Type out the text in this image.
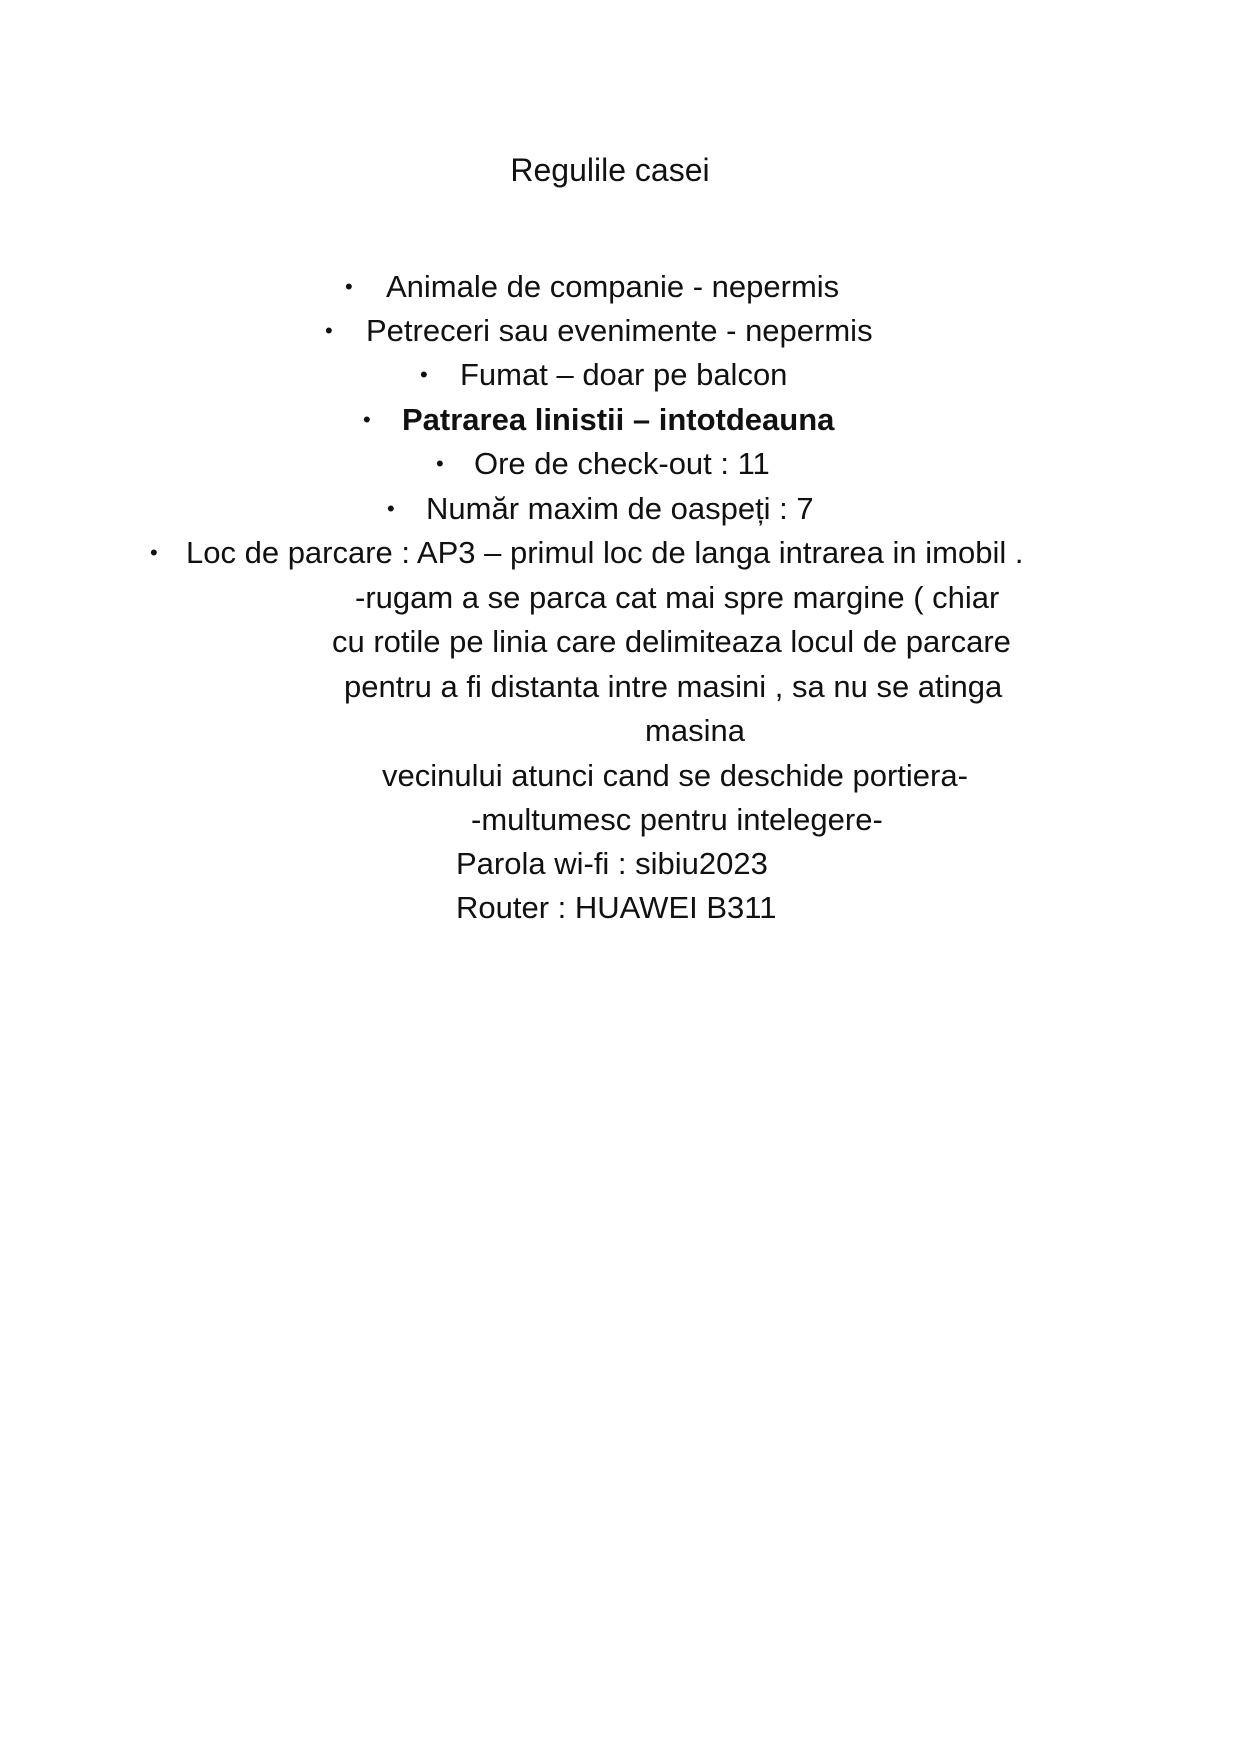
Regulile casei
• Animale de companie - nepermis
• Petreceri sau evenimente - nepermis
• Fumat – doar pe balcon
• Patrarea linistii – intotdeauna
• Ore de check-out : 11
• Număr maxim de oaspeți : 7
• Loc de parcare : AP3 – primul loc de langa intrarea in imobil .
-rugam a se parca cat mai spre margine ( chiar
cu rotile pe linia care delimiteaza locul de parcare
pentru a fi distanta intre masini , sa nu se atinga
masina
vecinului atunci cand se deschide portiera-
-multumesc pentru intelegere-
Parola wi-fi : sibiu2023
Router : HUAWEI B311
